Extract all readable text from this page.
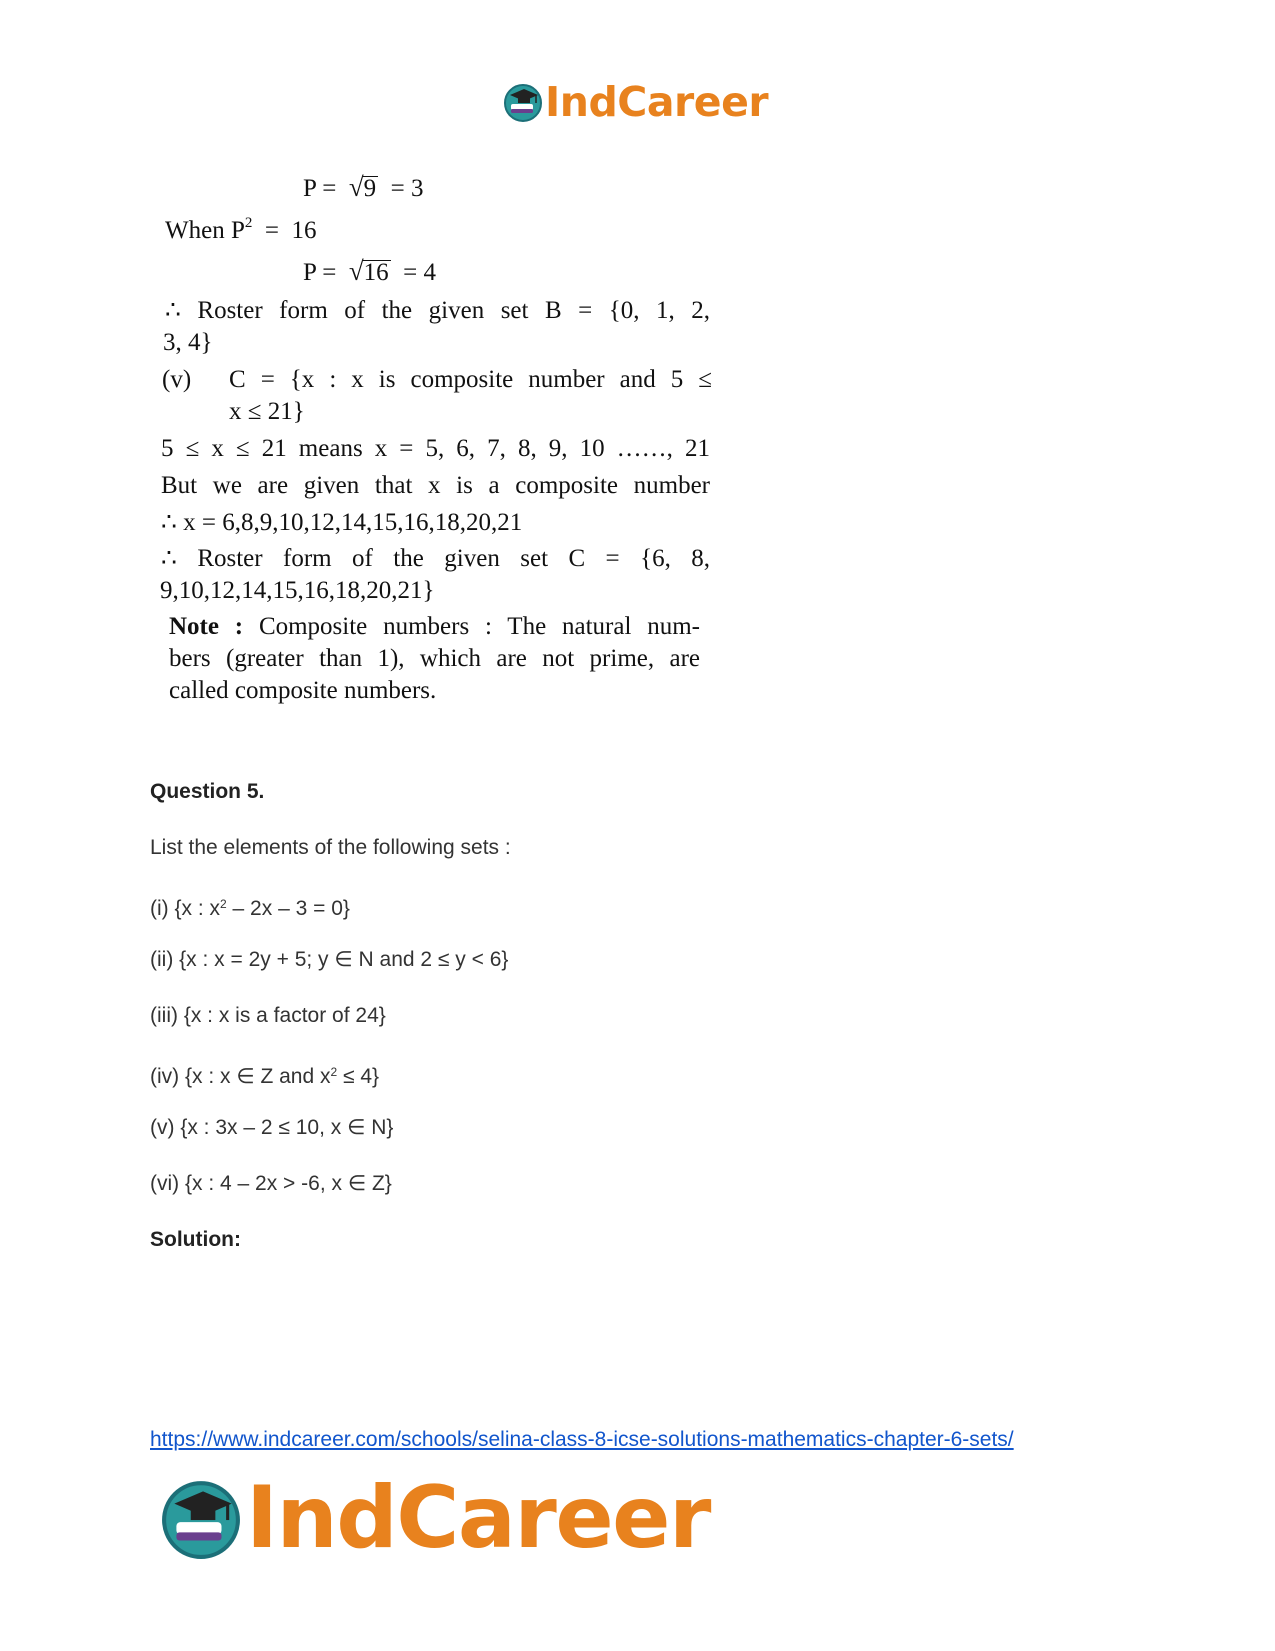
IndCareer
P = √9 = 3
When $P^2 = 16$
P = √16 = 4
∴ Roster form of the given set B = {0, 1, 2,
3, 4}
(v) C = {x : x is composite number and 5 ≤
x ≤ 21}
5 ≤ x ≤ 21 means x = 5, 6, 7, 8, 9, 10 ……, 21
But we are given that x is a composite number
∴ x = 6,8,9,10,12,14,15,16,18,20,21
∴ Roster form of the given set C = {6, 8,
9,10,12,14,15,16,18,20,21}
Note : Composite numbers : The natural num-
bers (greater than 1), which are not prime, are
called composite numbers.
Question 5.
List the elements of the following sets :
(i) {x : $x^2 - 2x - 3 = 0$}
(ii) {x : x = 2y + 5; y ∈ N and 2 ≤ y < 6}
(iii) {x : x is a factor of 24}
(iv) {x : x ∈ Z and $x^2 \le 4$}
(v) {x : 3x – 2 ≤ 10, x ∈ N}
(vi) {x : 4 – 2x > -6, x ∈ Z}
Solution:
https://www.indcareer.com/schools/selina-class-8-icse-solutions-mathematics-chapter-6-sets/
IndCareer
